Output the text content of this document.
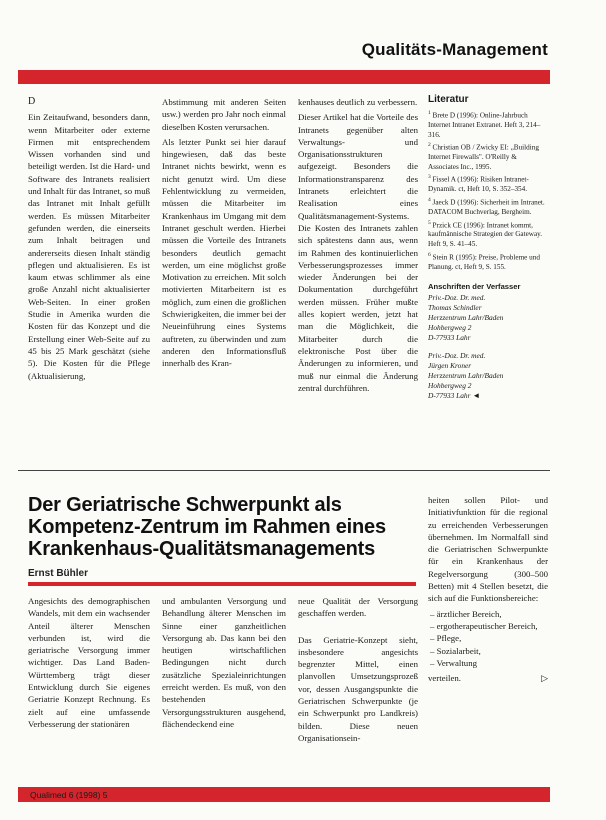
Qualitäts-Management

D

Ein Zeitaufwand, besonders dann, wenn Mitarbeiter oder externe Firmen mit entsprechendem Wissen vorhanden sind und beteiligt werden. Ist die Hard- und Software des Intranets realisiert und Inhalt für das Intranet, so muß das Intranet mit Inhalt gefüllt werden. Es müssen Mitarbeiter gefunden werden, die einerseits zum Inhalt beitragen und andererseits diesen Inhalt ständig pflegen und aktualisieren. Es ist kaum etwas schlimmer als eine große Anzahl nicht aktualisierter Web-Seiten. In einer großen Studie in Amerika wurden die Kosten für das Konzept und die Erstellung einer Web-Seite auf zu 45 bis 25 Mark geschätzt (siehe 5). Die Kosten für die Pflege (Aktualisierung,

Abstimmung mit anderen Seiten usw.) werden pro Jahr noch einmal dieselben Kosten verursachen.

Als letzter Punkt sei hier darauf hingewiesen, daß das beste Intranet nichts bewirkt, wenn es nicht genutzt wird. Um diese Fehlentwicklung zu vermeiden, müssen die Mitarbeiter im Krankenhaus im Umgang mit dem Intranet geschult werden. Hierbei müssen die Vorteile des Intranets besonders deutlich gemacht werden, um eine möglichst große Motivation zu erreichen. Mit solch motivierten Mitarbeitern ist es möglich, zum einen die großlichen Schwierigkeiten, die immer bei der Neueinführung eines Systems auftreten, zu überwinden und zum anderen den Informationsfluß innerhalb des Kran-

kenhauses deutlich zu verbessern.

Dieser Artikel hat die Vorteile des Intranets gegenüber alten Verwaltungs- und Organisationsstrukturen aufgezeigt. Besonders die Informationstransparenz des Intranets erleichtert die Realisation eines Qualitätsmanagement-Systems. Die Kosten des Intranets zahlen sich spätestens dann aus, wenn im Rahmen des kontinuierlichen Verbesserungsprozesses immer wieder Änderungen bei der Dokumentation durchgeführt werden müssen. Früher mußte alles kopiert werden, jetzt hat man die Möglichkeit, die Mitarbeiter durch die elektronische Post über die Änderungen zu informieren, und muß nur einmal die Änderung zentral durchführen.

Literatur
$^1$ Brete D (1996): Online-Jahrbuch Internet Intranet Extranet. Heft 3, 214–316.
$^2$ Christian OB / Zwicky EI: „Building Internet Firewalls". O'Reilly & Associates Inc., 1995.
$^3$ Fissel A (1996): Risiken Intranet-Dynamik. ct, Heft 10, S. 352–354.
$^4$ Jaeck D (1996): Sicherheit im Intranet. DATACOM Buchverlag, Bergheim.
$^5$ Przick CE (1996): Intranet kommt, kaufmännische Strategien der Gateway. Heft 9, S. 41–45.
$^6$ Stein R (1995): Preise, Probleme und Planung. ct, Heft 9, S. 155.
Anschriften der Verfasser
Priv.-Doz. Dr. med.
Thomas Schindler
Herzzentrum Lahr/Baden
Hohbergweg 2
D-77933 Lahr
Priv.-Doz. Dr. med.
Jürgen Kroner
Herzzentrum Lahr/Baden
Hohbergweg 2
D-77933 Lahr ◄
Der Geriatrische Schwerpunkt als Kompetenz-Zentrum im Rahmen eines Krankenhaus-Qualitätsmanagements
Ernst Bühler

Angesichts des demographischen Wandels, mit dem ein wachsender Anteil älterer Menschen verbunden ist, wird die geriatrische Versorgung immer wichtiger. Das Land Baden-Württemberg trägt dieser Entwicklung durch Sie eigenes Geriatrie Konzept Rechnung. Es zielt auf eine umfassende Verbesserung der stationären

und ambulanten Versorgung und Behandlung älterer Menschen im Sinne einer ganzheitlichen Versorgung ab. Das kann bei den heutigen wirtschaftlichen Bedingungen nicht durch zusätzliche Spezialeinrichtungen erreicht werden. Es muß, von den bestehenden Versorgungsstrukturen ausgehend, flächendeckend eine

neue Qualität der Versorgung geschaffen werden.

Das Geriatrie-Konzept sieht, insbesondere angesichts begrenzter Mittel, einen planvollen Umsetzungsprozeß vor, dessen Ausgangspunkte die Geriatrischen Schwerpunkte (je ein Schwerpunkt pro Landkreis) bilden. Diese neuen Organisationsein-

heiten sollen Pilot- und Initiativfunktion für die regional zu erreichenden Verbesserungen übernehmen. Im Normalfall sind die Geriatrischen Schwerpunkte für ein Krankenhaus der Regelversorgung (300–500 Betten) mit 4 Stellen besetzt, die sich auf die Funktionsbereiche:

– ärztlicher Bereich,
– ergotherapeutischer Bereich,
– Pflege,
– Sozialarbeit,
– Verwaltung

verteilen.	▷

Qualimed 6 (1998) 5
